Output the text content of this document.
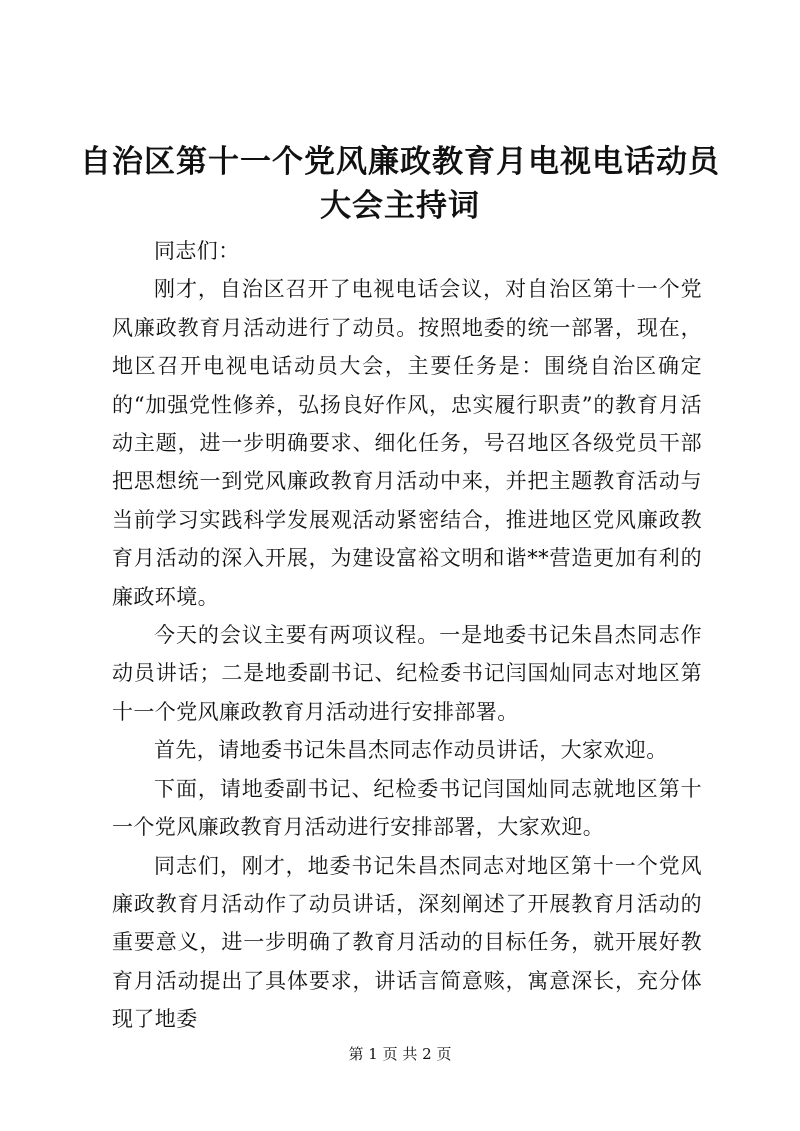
自治区第十一个党风廉政教育月电视电话动员
大会主持词

同志们：

刚才，自治区召开了电视电话会议，对自治区第十一个党风廉政教育月活动进行了动员。按照地委的统一部署，现在，地区召开电视电话动员大会，主要任务是：围绕自治区确定的“加强党性修养，弘扬良好作风，忠实履行职责”的教育月活动主题，进一步明确要求、细化任务，号召地区各级党员干部把思想统一到党风廉政教育月活动中来，并把主题教育活动与当前学习实践科学发展观活动紧密结合，推进地区党风廉政教育月活动的深入开展，为建设富裕文明和谐**营造更加有利的廉政环境。

今天的会议主要有两项议程。一是地委书记朱昌杰同志作动员讲话；二是地委副书记、纪检委书记闫国灿同志对地区第十一个党风廉政教育月活动进行安排部署。

首先，请地委书记朱昌杰同志作动员讲话，大家欢迎。

下面，请地委副书记、纪检委书记闫国灿同志就地区第十一个党风廉政教育月活动进行安排部署，大家欢迎。

同志们，刚才，地委书记朱昌杰同志对地区第十一个党风廉政教育月活动作了动员讲话，深刻阐述了开展教育月活动的重要意义，进一步明确了教育月活动的目标任务，就开展好教育月活动提出了具体要求，讲话言简意赅，寓意深长，充分体现了地委

第 1 页 共 2 页
